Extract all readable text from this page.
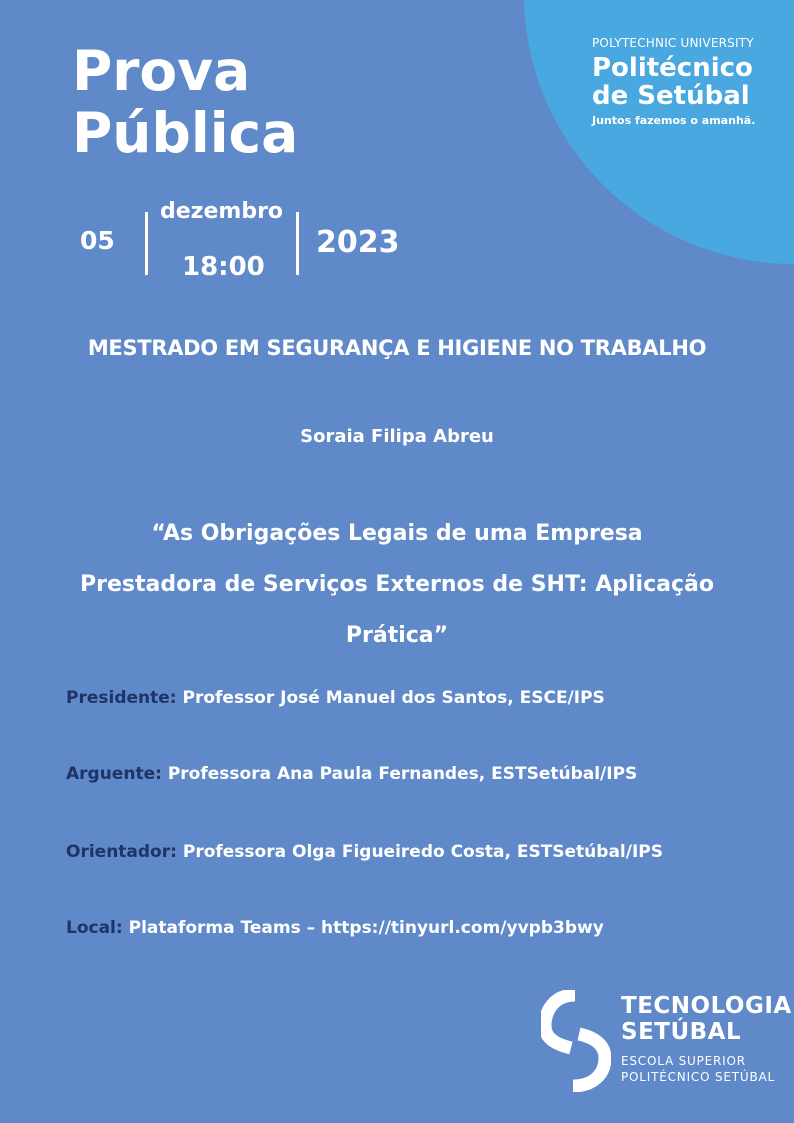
POLYTECHNIC UNIVERSITY
Politécnico
de Setúbal
Juntos fazemos o amanhã.
Prova
Pública
05
dezembro
18:00
2023
MESTRADO EM SEGURANÇA E HIGIENE NO TRABALHO
Soraia Filipa Abreu
“As Obrigações Legais de uma Empresa
Prestadora de Serviços Externos de SHT: Aplicação
Prática”
Presidente: Professor José Manuel dos Santos, ESCE/IPS
Arguente: Professora Ana Paula Fernandes, ESTSetúbal/IPS
Orientador: Professora Olga Figueiredo Costa, ESTSetúbal/IPS
Local: Plataforma Teams – https://tinyurl.com/yvpb3bwy
TECNOLOGIA
SETÚBAL
ESCOLA SUPERIOR
POLITÉCNICO SETÚBAL
